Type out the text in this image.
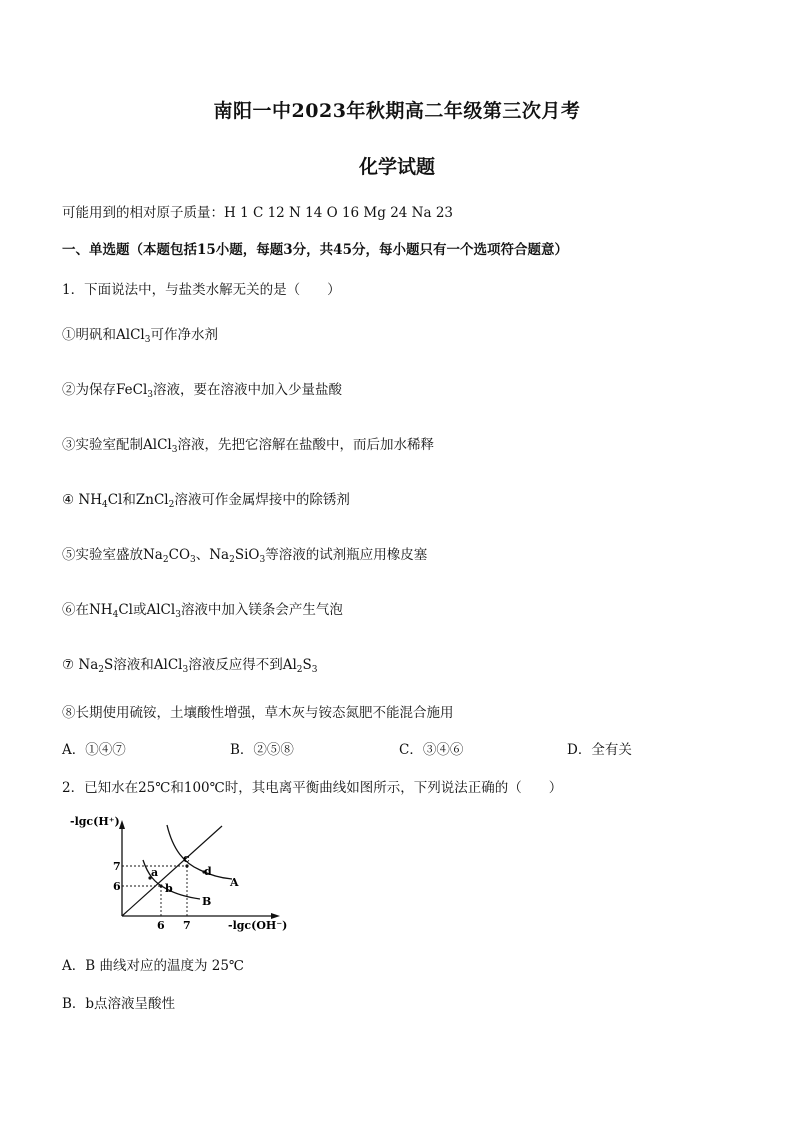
南阳一中2023年秋期高二年级第三次月考
化学试题
可能用到的相对原子质量：H 1 C 12 N 14 O 16 Mg 24 Na 23
一、单选题（本题包括15小题，每题3分，共45分，每小题只有一个选项符合题意）
1．下面说法中，与盐类水解无关的是（　　）
①明矾和AlCl$_3$可作净水剂
②为保存FeCl$_3$溶液，要在溶液中加入少量盐酸
③实验室配制AlCl$_3$溶液，先把它溶解在盐酸中，而后加水稀释
④ $NH_4Cl$和ZnCl$_2$溶液可作金属焊接中的除锈剂
⑤实验室盛放$Na_2CO_3$、$Na_2SiO_3$等溶液的试剂瓶应用橡皮塞
⑥在$NH_4Cl$或AlCl$_3$溶液中加入镁条会产生气泡
⑦ $Na_2S$溶液和AlCl$_3$溶液反应得不到$Al_2S_3$
⑧长期使用硫铵，土壤酸性增强，草木灰与铵态氮肥不能混合施用
A．①④⑦	B．②⑤⑧	C．③④⑥	D．全有关
2．已知水在25℃和100℃时，其电离平衡曲线如图所示，下列说法正确的（　　）
-lgc(H⁺)
-lgc(OH⁻)
7
6
6 7
a
b
c
d
A
B
A．B 曲线对应的温度为 25℃
B．b点溶液呈酸性
